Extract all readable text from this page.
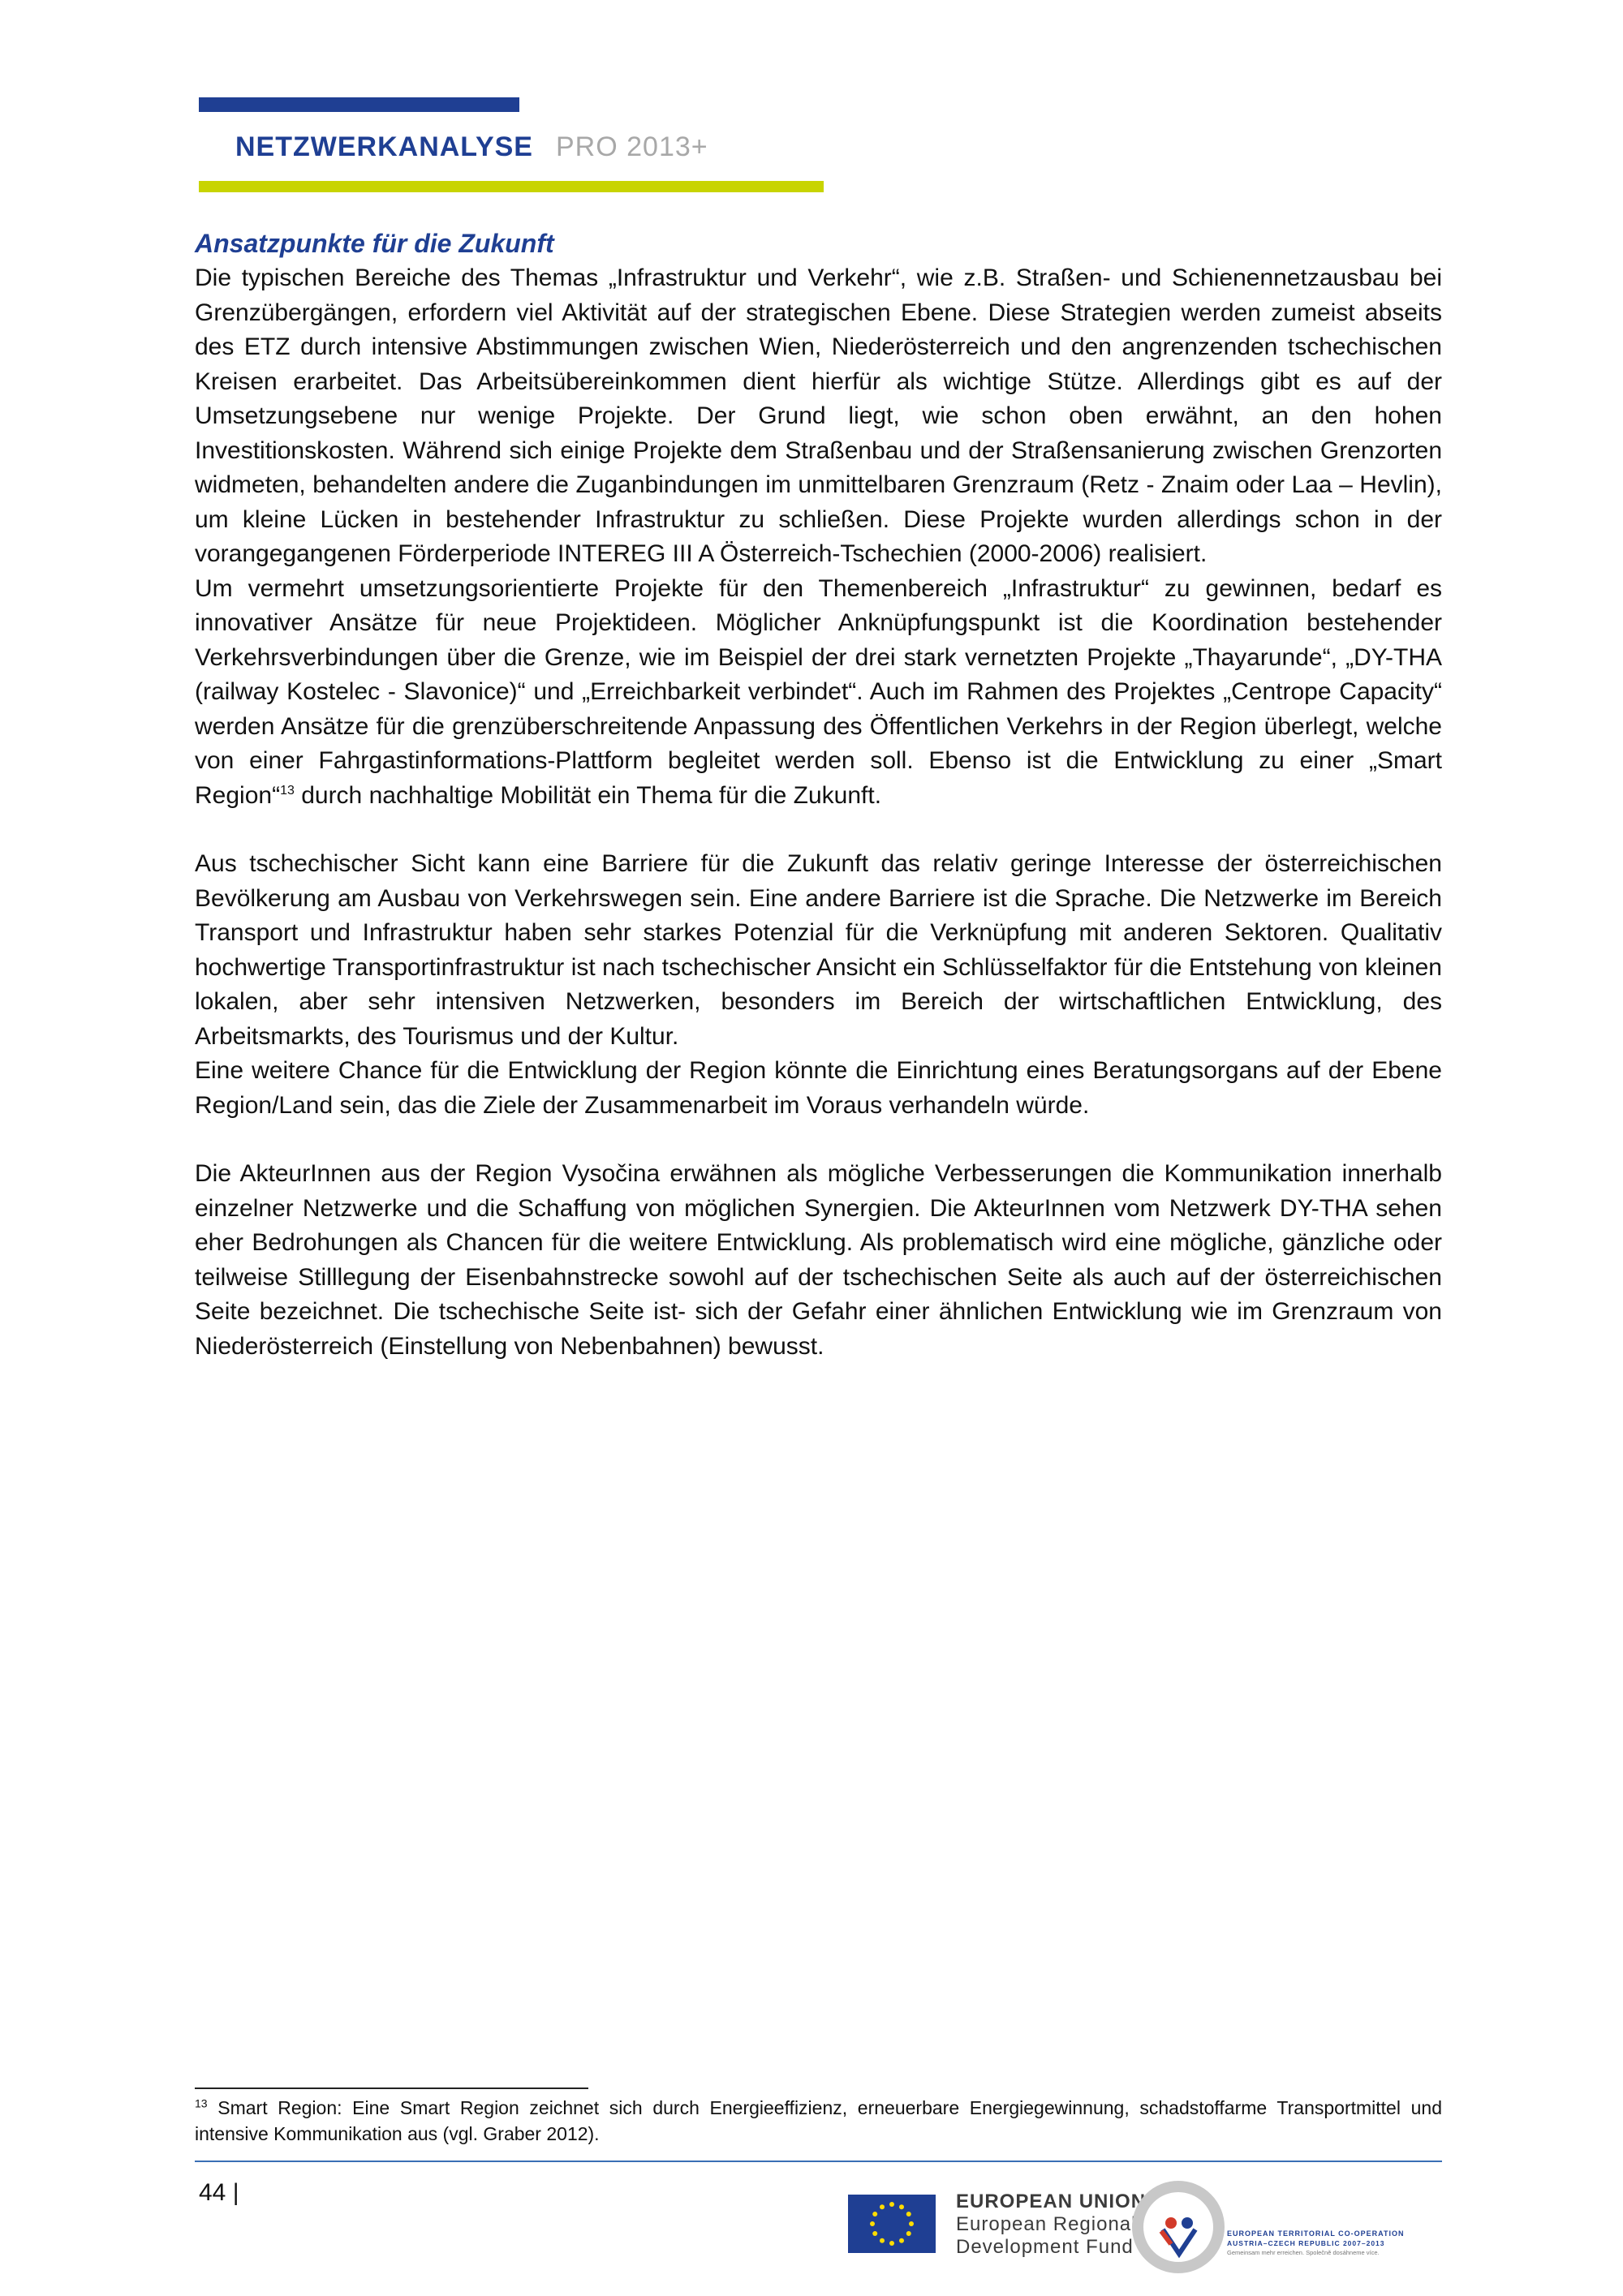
NETZWERKANALYSE PRO 2013+
Ansatzpunkte für die Zukunft

Die typischen Bereiche des Themas „Infrastruktur und Verkehr“, wie z.B. Straßen- und Schienennetzausbau bei Grenzübergängen, erfordern viel Aktivität auf der strategischen Ebene. Diese Strategien werden zumeist abseits des ETZ durch intensive Abstimmungen zwischen Wien, Niederösterreich und den angrenzenden tschechischen Kreisen erarbeitet. Das Arbeitsübereinkommen dient hierfür als wichtige Stütze. Allerdings gibt es auf der Umsetzungsebene nur wenige Projekte. Der Grund liegt, wie schon oben erwähnt, an den hohen Investitionskosten. Während sich einige Projekte dem Straßenbau und der Straßensanierung zwischen Grenzorten widmeten, behandelten andere die Zuganbindungen im unmittelbaren Grenzraum (Retz - Znaim oder Laa – Hevlin), um kleine Lücken in bestehender Infrastruktur zu schließen. Diese Projekte wurden allerdings schon in der vorangegangenen Förderperiode INTEREG III A Österreich-Tschechien (2000-2006) realisiert.

Um vermehrt umsetzungsorientierte Projekte für den Themenbereich „Infrastruktur“ zu gewinnen, bedarf es innovativer Ansätze für neue Projektideen. Möglicher Anknüpfungspunkt ist die Koordination bestehender Verkehrsverbindungen über die Grenze, wie im Beispiel der drei stark vernetzten Projekte „Thayarunde“, „DY-THA (railway Kostelec - Slavonice)“ und „Erreichbarkeit verbindet“. Auch im Rahmen des Projektes „Centrope Capacity“ werden Ansätze für die grenzüberschreitende Anpassung des Öffentlichen Verkehrs in der Region überlegt, welche von einer Fahrgastinformations-Plattform begleitet werden soll. Ebenso ist die Entwicklung zu einer „Smart Region“$^{13}$ durch nachhaltige Mobilität ein Thema für die Zukunft.

Aus tschechischer Sicht kann eine Barriere für die Zukunft das relativ geringe Interesse der österreichischen Bevölkerung am Ausbau von Verkehrswegen sein. Eine andere Barriere ist die Sprache. Die Netzwerke im Bereich Transport und Infrastruktur haben sehr starkes Potenzial für die Verknüpfung mit anderen Sektoren. Qualitativ hochwertige Transportinfrastruktur ist nach tschechischer Ansicht ein Schlüsselfaktor für die Entstehung von kleinen lokalen, aber sehr intensiven Netzwerken, besonders im Bereich der wirtschaftlichen Entwicklung, des Arbeitsmarkts, des Tourismus und der Kultur.

Eine weitere Chance für die Entwicklung der Region könnte die Einrichtung eines Beratungsorgans auf der Ebene Region/Land sein, das die Ziele der Zusammenarbeit im Voraus verhandeln würde.

Die AkteurInnen aus der Region Vysočina erwähnen als mögliche Verbesserungen die Kommunikation innerhalb einzelner Netzwerke und die Schaffung von möglichen Synergien. Die AkteurInnen vom Netzwerk DY-THA sehen eher Bedrohungen als Chancen für die weitere Entwicklung. Als problematisch wird eine mögliche, gänzliche oder teilweise Stilllegung der Eisenbahnstrecke sowohl auf der tschechischen Seite als auch auf der österreichischen Seite bezeichnet. Die tschechische Seite ist- sich der Gefahr einer ähnlichen Entwicklung wie im Grenzraum von Niederösterreich (Einstellung von Nebenbahnen) bewusst.

$^{13}$ Smart Region: Eine Smart Region zeichnet sich durch Energieeffizienz, erneuerbare Energiegewinnung, schadstoffarme Transportmittel und intensive Kommunikation aus (vgl. Graber 2012).
44 |	EUROPEAN UNION
European Regional
Development Fund
EUROPEAN TERRITORIAL CO-OPERATION
AUSTRIA–CZECH REPUBLIC 2007–2013
Gemeinsam mehr erreichen. Společně dosáhneme více.
